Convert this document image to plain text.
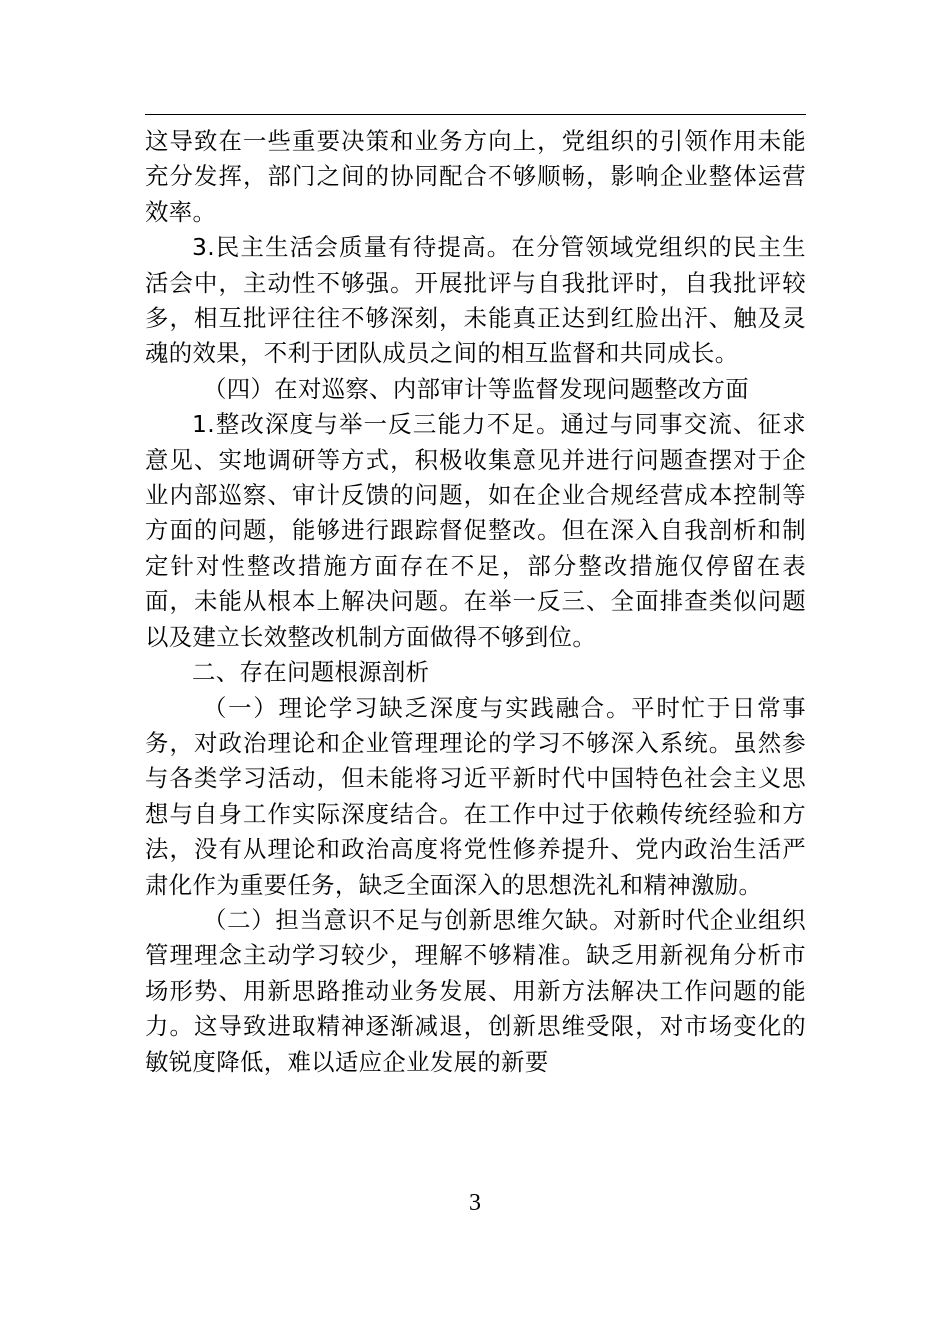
这导致在一些重要决策和业务方向上，党组织的引领作用未能充分发挥，部门之间的协同配合不够顺畅，影响企业整体运营效率。

3.民主生活会质量有待提高。在分管领域党组织的民主生活会中，主动性不够强。开展批评与自我批评时，自我批评较多，相互批评往往不够深刻，未能真正达到红脸出汗、触及灵魂的效果，不利于团队成员之间的相互监督和共同成长。

（四）在对巡察、内部审计等监督发现问题整改方面

1.整改深度与举一反三能力不足。通过与同事交流、征求意见、实地调研等方式，积极收集意见并进行问题查摆对于企业内部巡察、审计反馈的问题，如在企业合规经营成本控制等方面的问题，能够进行跟踪督促整改。但在深入自我剖析和制定针对性整改措施方面存在不足，部分整改措施仅停留在表面，未能从根本上解决问题。在举一反三、全面排查类似问题以及建立长效整改机制方面做得不够到位。

二、存在问题根源剖析

（一）理论学习缺乏深度与实践融合。平时忙于日常事务，对政治理论和企业管理理论的学习不够深入系统。虽然参与各类学习活动，但未能将习近平新时代中国特色社会主义思想与自身工作实际深度结合。在工作中过于依赖传统经验和方法，没有从理论和政治高度将党性修养提升、党内政治生活严肃化作为重要任务，缺乏全面深入的思想洗礼和精神激励。

（二）担当意识不足与创新思维欠缺。对新时代企业组织管理理念主动学习较少，理解不够精准。缺乏用新视角分析市场形势、用新思路推动业务发展、用新方法解决工作问题的能力。这导致进取精神逐渐减退，创新思维受限，对市场变化的敏锐度降低，难以适应企业发展的新要

3
